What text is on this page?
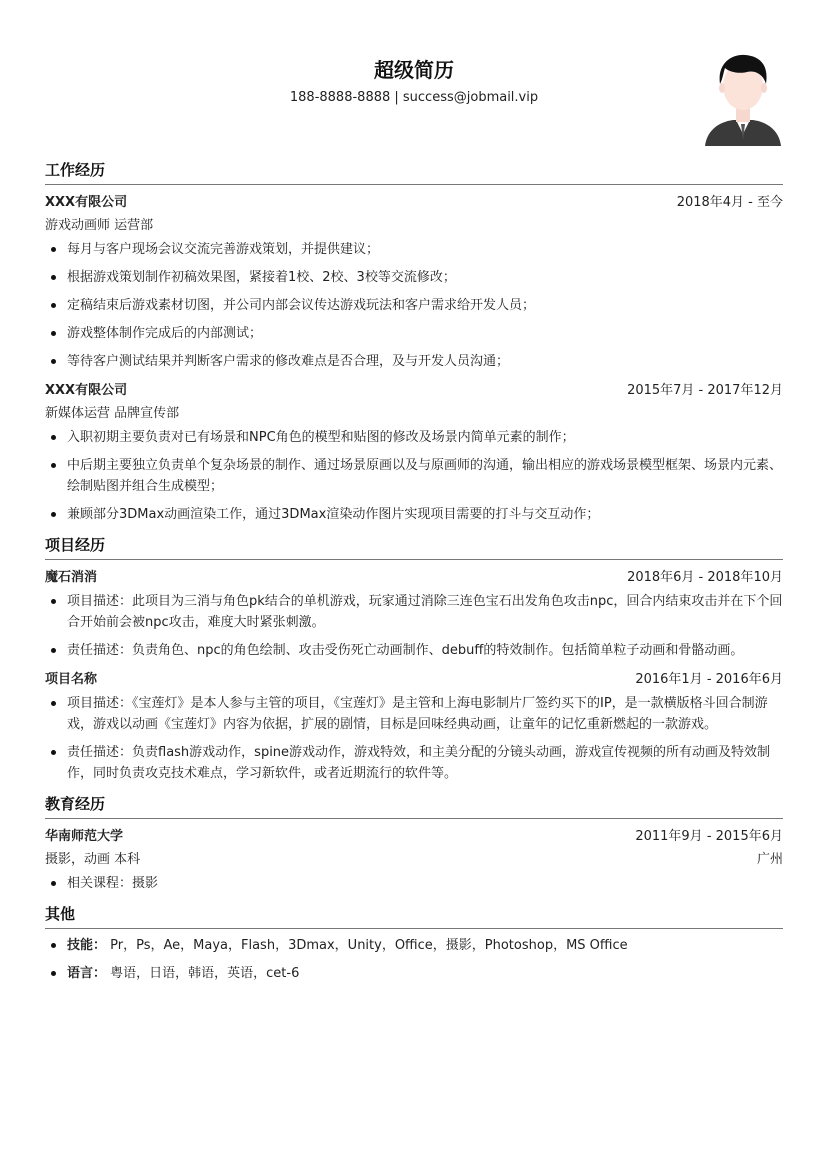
超级简历
188-8888-8888 | success@jobmail.vip
工作经历
XXX有限公司	2018年4月 - 至今
游戏动画师 运营部
每月与客户现场会议交流完善游戏策划，并提供建议；
根据游戏策划制作初稿效果图，紧接着1校、2校、3校等交流修改；
定稿结束后游戏素材切图，并公司内部会议传达游戏玩法和客户需求给开发人员；
游戏整体制作完成后的内部测试；
等待客户测试结果并判断客户需求的修改难点是否合理，及与开发人员沟通；
XXX有限公司	2015年7月 - 2017年12月
新媒体运营 品牌宣传部
入职初期主要负责对已有场景和NPC角色的模型和贴图的修改及场景内简单元素的制作；
中后期主要独立负责单个复杂场景的制作、通过场景原画以及与原画师的沟通，输出相应的游戏场景模型框架、场景内元素、绘制贴图并组合生成模型；
兼顾部分3DMax动画渲染工作，通过3DMax渲染动作图片实现项目需要的打斗与交互动作；
项目经历
魔石消消	2018年6月 - 2018年10月
项目描述：此项目为三消与角色pk结合的单机游戏，玩家通过消除三连色宝石出发角色攻击npc，回合内结束攻击并在下个回合开始前会被npc攻击，难度大时紧张刺激。
责任描述：负责角色、npc的角色绘制、攻击受伤死亡动画制作、debuff的特效制作。包括简单粒子动画和骨骼动画。
项目名称	2016年1月 - 2016年6月
项目描述：《宝莲灯》是本人参与主管的项目，《宝莲灯》是主管和上海电影制片厂签约买下的IP，是一款横版格斗回合制游戏，游戏以动画《宝莲灯》内容为依据，扩展的剧情，目标是回味经典动画，让童年的记忆重新燃起的一款游戏。
责任描述：负责flash游戏动作，spine游戏动作，游戏特效，和主美分配的分镜头动画，游戏宣传视频的所有动画及特效制作，同时负责攻克技术难点，学习新软件，或者近期流行的软件等。
教育经历
华南师范大学	2011年9月 - 2015年6月
摄影，动画 本科	广州
相关课程：摄影
其他
技能： Pr，Ps，Ae，Maya，Flash，3Dmax，Unity，Office，摄影，Photoshop，MS Office
语言： 粤语，日语，韩语，英语，cet-6
